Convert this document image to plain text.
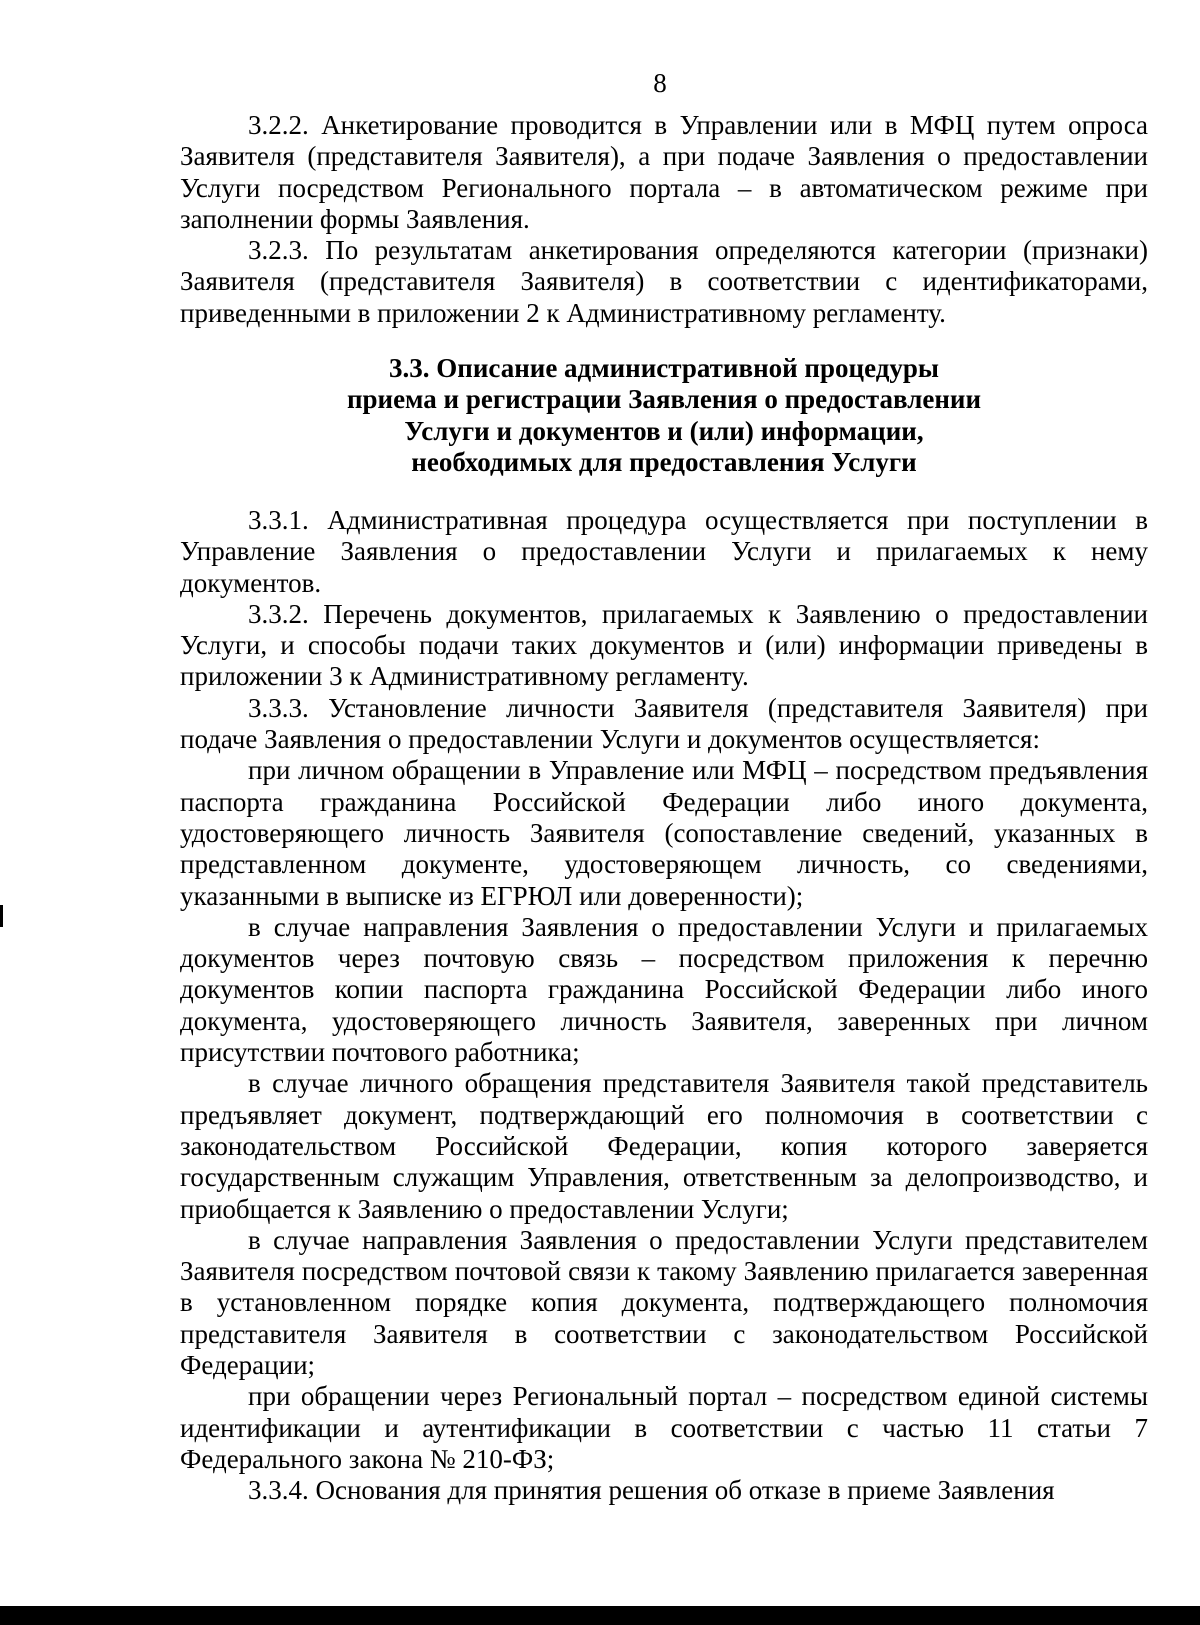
8

3.2.2. Анкетирование проводится в Управлении или в МФЦ путем опроса Заявителя (представителя Заявителя), а при подаче Заявления о предоставлении Услуги посредством Регионального портала – в автоматическом режиме при заполнении формы Заявления.

3.2.3. По результатам анкетирования определяются категории (признаки) Заявителя (представителя Заявителя) в соответствии с идентификаторами, приведенными в приложении 2 к Административному регламенту.

3.3. Описание административной процедуры
приема и регистрации Заявления о предоставлении
Услуги и документов и (или) информации,
необходимых для предоставления Услуги

3.3.1. Административная процедура осуществляется при поступлении в Управление Заявления о предоставлении Услуги и прилагаемых к нему документов.

3.3.2. Перечень документов, прилагаемых к Заявлению о предоставлении Услуги, и способы подачи таких документов и (или) информации приведены в приложении 3 к Административному регламенту.

3.3.3. Установление личности Заявителя (представителя Заявителя) при подаче Заявления о предоставлении Услуги и документов осуществляется:

при личном обращении в Управление или МФЦ – посредством предъявления паспорта гражданина Российской Федерации либо иного документа, удостоверяющего личность Заявителя (сопоставление сведений, указанных в представленном документе, удостоверяющем личность, со сведениями, указанными в выписке из ЕГРЮЛ или доверенности);

в случае направления Заявления о предоставлении Услуги и прилагаемых документов через почтовую связь – посредством приложения к перечню документов копии паспорта гражданина Российской Федерации либо иного документа, удостоверяющего личность Заявителя, заверенных при личном присутствии почтового работника;

в случае личного обращения представителя Заявителя такой представитель предъявляет документ, подтверждающий его полномочия в соответствии с законодательством Российской Федерации, копия которого заверяется государственным служащим Управления, ответственным за делопроизводство, и приобщается к Заявлению о предоставлении Услуги;

в случае направления Заявления о предоставлении Услуги представителем Заявителя посредством почтовой связи к такому Заявлению прилагается заверенная в установленном порядке копия документа, подтверждающего полномочия представителя Заявителя в соответствии с законодательством Российской Федерации;

при обращении через Региональный портал – посредством единой системы идентификации и аутентификации в соответствии с частью 11 статьи 7 Федерального закона № 210-ФЗ;

3.3.4. Основания для принятия решения об отказе в приеме Заявления
